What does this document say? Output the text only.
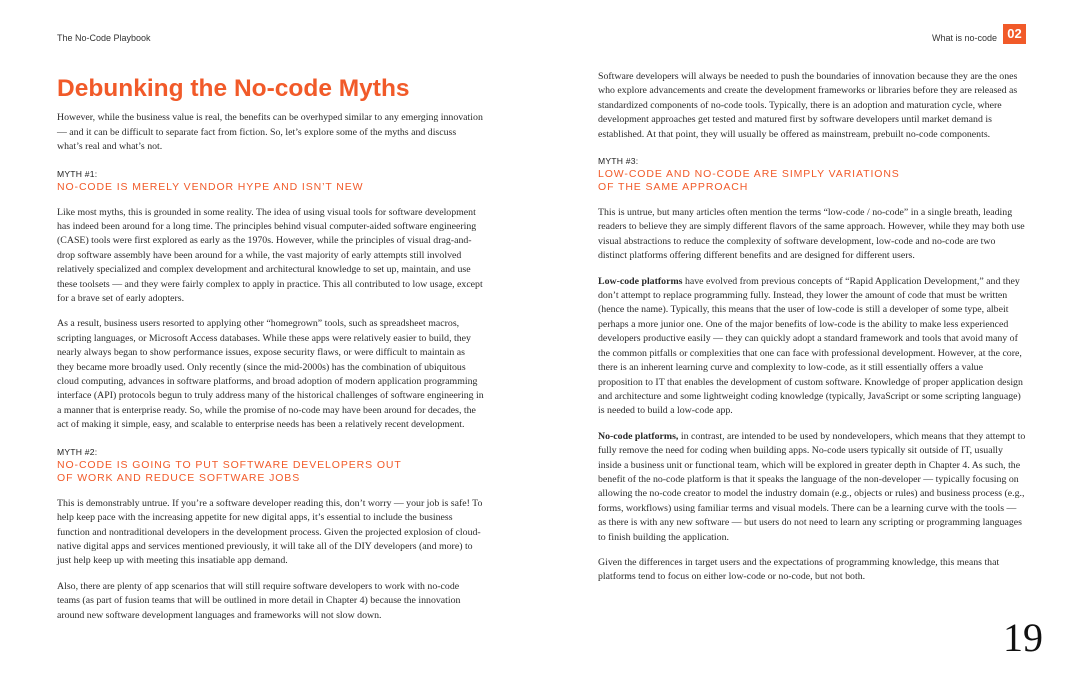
The No-Code Playbook	What is no-code 02
Debunking the No-code Myths

However, while the business value is real, the benefits can be overhyped similar to any emerging innovation — and it can be difficult to separate fact from fiction. So, let’s explore some of the myths and discuss what’s real and what’s not.

MYTH #1:
NO-CODE IS MERELY VENDOR HYPE AND ISN’T NEW

Like most myths, this is grounded in some reality. The idea of using visual tools for software development has indeed been around for a long time. The principles behind visual computer-aided software engineering (CASE) tools were first explored as early as the 1970s. However, while the principles of visual drag-and-drop software assembly have been around for a while, the vast majority of early attempts still involved relatively specialized and complex development and architectural knowledge to set up, maintain, and use these toolsets — and they were fairly complex to apply in practice. This all contributed to low usage, except for a brave set of early adopters.

As a result, business users resorted to applying other “homegrown” tools, such as spreadsheet macros, scripting languages, or Microsoft Access databases. While these apps were relatively easier to build, they nearly always began to show performance issues, expose security flaws, or were difficult to maintain as they became more broadly used. Only recently (since the mid-2000s) has the combination of ubiquitous cloud computing, advances in software platforms, and broad adoption of modern application programming interface (API) protocols begun to truly address many of the historical challenges of software engineering in a manner that is enterprise ready. So, while the promise of no-code may have been around for decades, the act of making it simple, easy, and scalable to enterprise needs has been a relatively recent development.

MYTH #2:
NO-CODE IS GOING TO PUT SOFTWARE DEVELOPERS OUT
OF WORK AND REDUCE SOFTWARE JOBS

This is demonstrably untrue. If you’re a software developer reading this, don’t worry — your job is safe! To help keep pace with the increasing appetite for new digital apps, it’s essential to include the business function and nontraditional developers in the development process. Given the projected explosion of cloud-native digital apps and services mentioned previously, it will take all of the DIY developers (and more) to just help keep up with meeting this insatiable app demand.

Also, there are plenty of app scenarios that will still require software developers to work with no-code teams (as part of fusion teams that will be outlined in more detail in Chapter 4) because the innovation around new software development languages and frameworks will not slow down.

Software developers will always be needed to push the boundaries of innovation because they are the ones who explore advancements and create the development frameworks or libraries before they are released as standardized components of no-code tools. Typically, there is an adoption and maturation cycle, where development approaches get tested and matured first by software developers until market demand is established. At that point, they will usually be offered as mainstream, prebuilt no-code components.

MYTH #3:
LOW-CODE AND NO-CODE ARE SIMPLY VARIATIONS
OF THE SAME APPROACH

This is untrue, but many articles often mention the terms “low-code / no-code” in a single breath, leading readers to believe they are simply different flavors of the same approach. However, while they may both use visual abstractions to reduce the complexity of software development, low-code and no-code are two distinct platforms offering different benefits and are designed for different users.

Low-code platforms have evolved from previous concepts of “Rapid Application Development,” and they don’t attempt to replace programming fully. Instead, they lower the amount of code that must be written (hence the name). Typically, this means that the user of low-code is still a developer of some type, albeit perhaps a more junior one. One of the major benefits of low-code is the ability to make less experienced developers productive easily — they can quickly adopt a standard framework and tools that avoid many of the common pitfalls or complexities that one can face with professional development. However, at the core, there is an inherent learning curve and complexity to low-code, as it still essentially offers a value proposition to IT that enables the development of custom software. Knowledge of proper application design and architecture and some lightweight coding knowledge (typically, JavaScript or some scripting language) is needed to build a low-code app.

No-code platforms, in contrast, are intended to be used by nondevelopers, which means that they attempt to fully remove the need for coding when building apps. No-code users typically sit outside of IT, usually inside a business unit or functional team, which will be explored in greater depth in Chapter 4. As such, the benefit of the no-code platform is that it speaks the language of the non-developer — typically focusing on allowing the no-code creator to model the industry domain (e.g., objects or rules) and business process (e.g., forms, workflows) using familiar terms and visual models. There can be a learning curve with the tools — as there is with any new software — but users do not need to learn any scripting or programming languages to finish building the application.

Given the differences in target users and the expectations of programming knowledge, this means that platforms tend to focus on either low-code or no-code, but not both.

19
